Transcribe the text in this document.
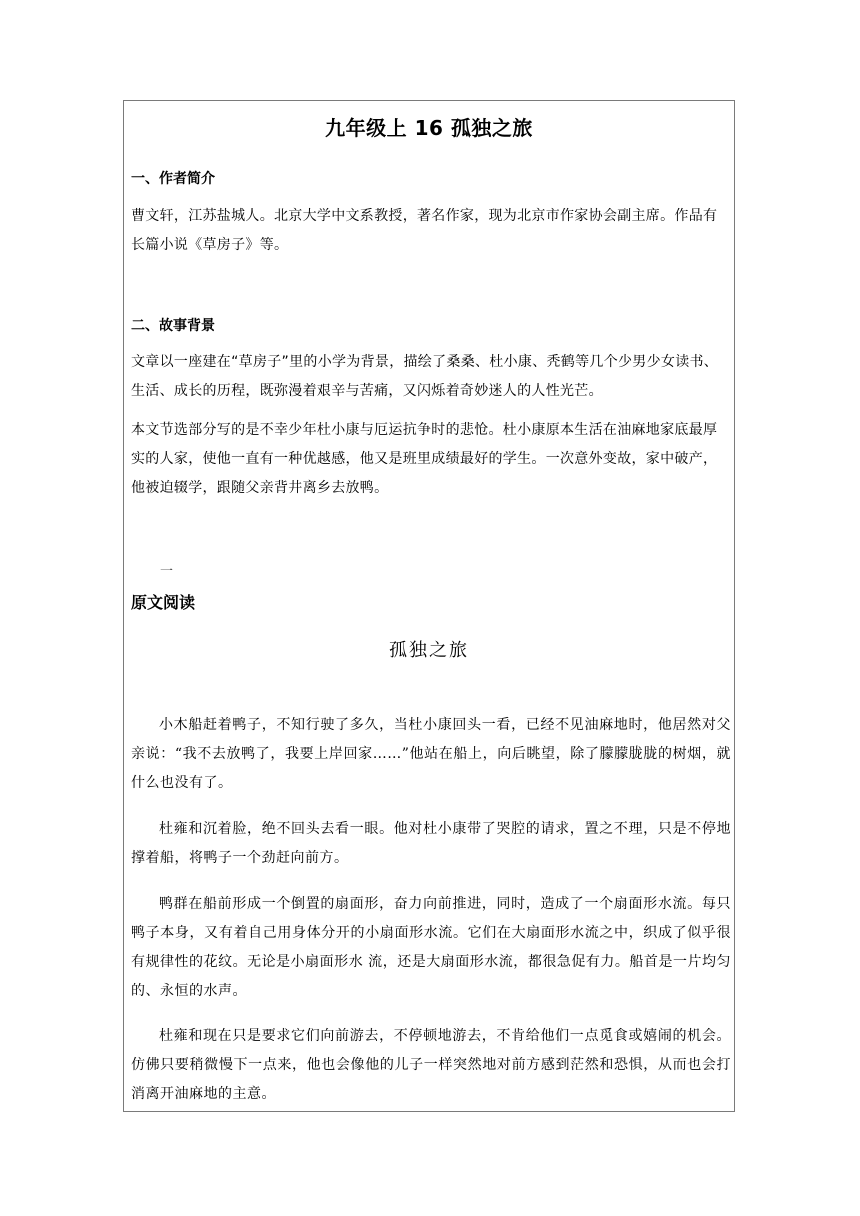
九年级上 16 孤独之旅
一、作者简介

曹文轩，江苏盐城人。北京大学中文系教授，著名作家，现为北京市作家协会副主席。作品有长篇小说《草房子》等。

二、故事背景

文章以一座建在“草房子”里的小学为背景，描绘了桑桑、杜小康、秃鹤等几个少男少女读书、生活、成长的历程，既弥漫着艰辛与苦痛，又闪烁着奇妙迷人的人性光芒。

本文节选部分写的是不幸少年杜小康与厄运抗争时的悲怆。杜小康原本生活在油麻地家底最厚实的人家，使他一直有一种优越感，他又是班里成绩最好的学生。一次意外变故，家中破产，他被迫辍学，跟随父亲背井离乡去放鸭。

一
原文阅读
孤独之旅

小木船赶着鸭子，不知行驶了多久，当杜小康回头一看，已经不见油麻地时，他居然对父亲说：“我不去放鸭了，我要上岸回家……”他站在船上，向后眺望，除了朦朦胧胧的树烟，就什么也没有了。

杜雍和沉着脸，绝不回头去看一眼。他对杜小康带了哭腔的请求，置之不理，只是不停地撑着船，将鸭子一个劲赶向前方。

鸭群在船前形成一个倒置的扇面形，奋力向前推进，同时，造成了一个扇面形水流。每只鸭子本身，又有着自己用身体分开的小扇面形水流。它们在大扇面形水流之中，织成了似乎很有规律性的花纹。无论是小扇面形水 流，还是大扇面形水流，都很急促有力。船首是一片均匀的、永恒的水声。

杜雍和现在只是要求它们向前游去，不停顿地游去，不肯给他们一点觅食或嬉闹的机会。仿佛只要稍微慢下一点来，他也会像他的儿子一样突然地对前方感到茫然和恐惧，从而也会打消离开油麻地的主意。
